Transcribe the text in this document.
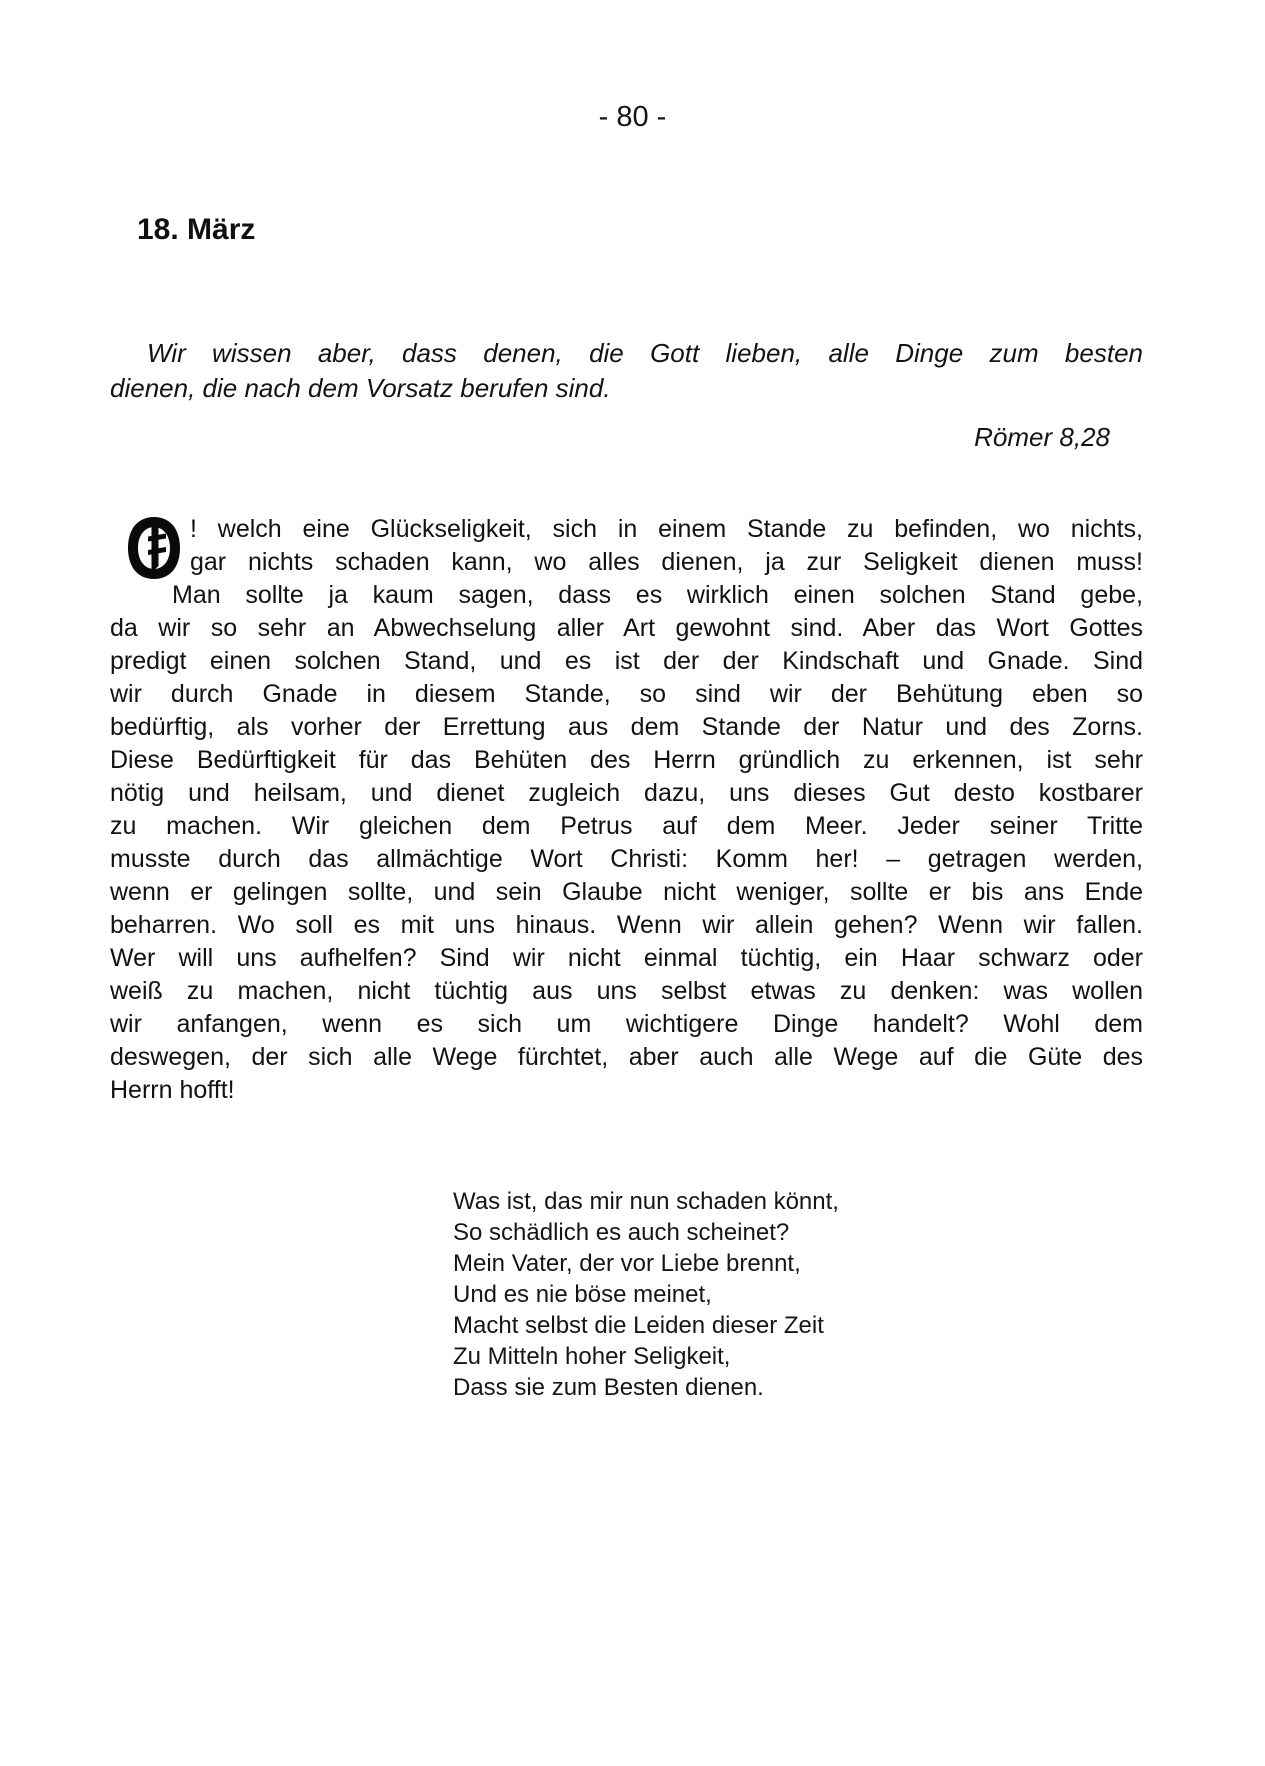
- 80 -
18. März
Wir wissen aber, dass denen, die Gott lieben, alle Dinge zum besten
dienen, die nach dem Vorsatz berufen sind.
Römer 8,28
! welch eine Glückseligkeit, sich in einem Stande zu befinden, wo nichts,
gar nichts schaden kann, wo alles dienen, ja zur Seligkeit dienen muss!
Man sollte ja kaum sagen, dass es wirklich einen solchen Stand gebe,
da wir so sehr an Abwechselung aller Art gewohnt sind. Aber das Wort Gottes
predigt einen solchen Stand, und es ist der der Kindschaft und Gnade. Sind
wir durch Gnade in diesem Stande, so sind wir der Behütung eben so
bedürftig, als vorher der Errettung aus dem Stande der Natur und des Zorns.
Diese Bedürftigkeit für das Behüten des Herrn gründlich zu erkennen, ist sehr
nötig und heilsam, und dienet zugleich dazu, uns dieses Gut desto kostbarer
zu machen. Wir gleichen dem Petrus auf dem Meer. Jeder seiner Tritte
musste durch das allmächtige Wort Christi: Komm her! – getragen werden,
wenn er gelingen sollte, und sein Glaube nicht weniger, sollte er bis ans Ende
beharren. Wo soll es mit uns hinaus. Wenn wir allein gehen? Wenn wir fallen.
Wer will uns aufhelfen? Sind wir nicht einmal tüchtig, ein Haar schwarz oder
weiß zu machen, nicht tüchtig aus uns selbst etwas zu denken: was wollen
wir anfangen, wenn es sich um wichtigere Dinge handelt? Wohl dem
deswegen, der sich alle Wege fürchtet, aber auch alle Wege auf die Güte des
Herrn hofft!
Was ist, das mir nun schaden könnt,
So schädlich es auch scheinet?
Mein Vater, der vor Liebe brennt,
Und es nie böse meinet,
Macht selbst die Leiden dieser Zeit
Zu Mitteln hoher Seligkeit,
Dass sie zum Besten dienen.
